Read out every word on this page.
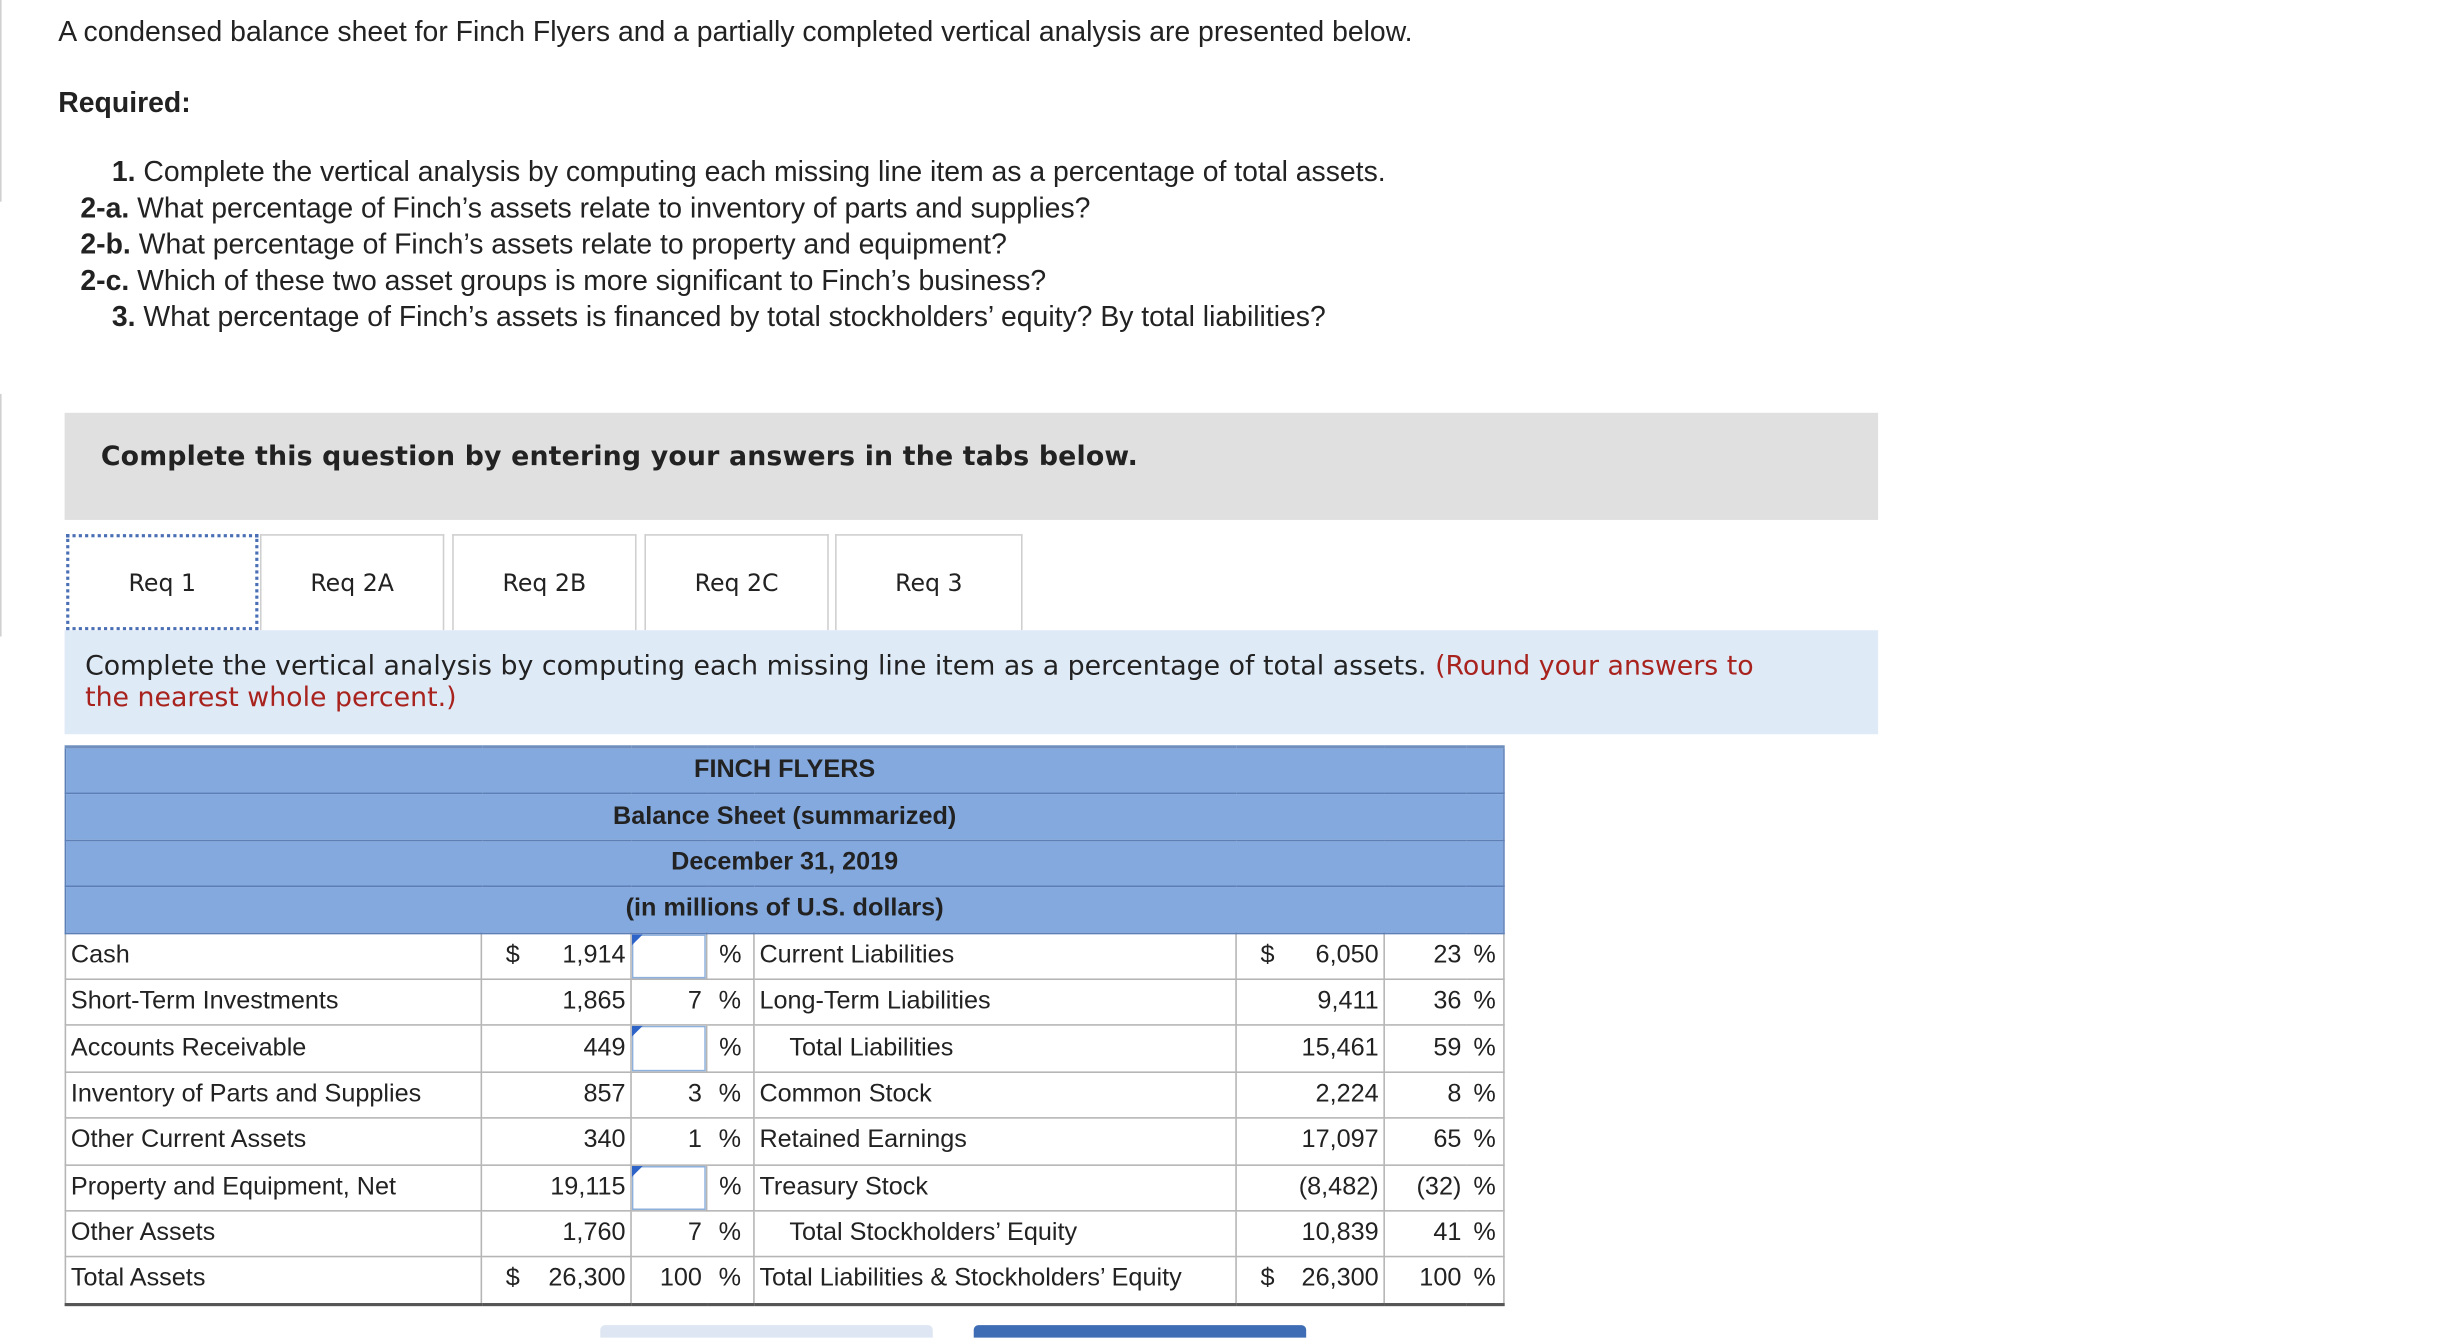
A condensed balance sheet for Finch Flyers and a partially completed vertical analysis are presented below.
Required:
1. Complete the vertical analysis by computing each missing line item as a percentage of total assets.
2-a. What percentage of Finch’s assets relate to inventory of parts and supplies?
2-b. What percentage of Finch’s assets relate to property and equipment?
2-c. Which of these two asset groups is more significant to Finch’s business?
3. What percentage of Finch’s assets is financed by total stockholders’ equity? By total liabilities?
Complete this question by entering your answers in the tabs below.
Req 1	Req 2A	Req 2B	Req 2C	Req 3
Complete the vertical analysis by computing each missing line item as a percentage of total assets. (Round your answers to the nearest whole percent.)
FINCH FLYERS							
Balance Sheet (summarized)							
December 31, 2019							
(in millions of U.S. dollars)							
Cash	$ 1,914		%	Current Liabilities	$ 6,050	23	%
Short-Term Investments	1,865	7	%	Long-Term Liabilities	9,411	36	%
Accounts Receivable	449		%	Total Liabilities	15,461	59	%
Inventory of Parts and Supplies	857	3	%	Common Stock	2,224	8	%
Other Current Assets	340	1	%	Retained Earnings	17,097	65	%
Property and Equipment, Net	19,115		%	Treasury Stock	(8,482)	(32)	%
Other Assets	1,760	7	%	Total Stockholders’ Equity	10,839	41	%
Total Assets	$ 26,300	100	%	Total Liabilities & Stockholders’ Equity	$ 26,300	100	%
